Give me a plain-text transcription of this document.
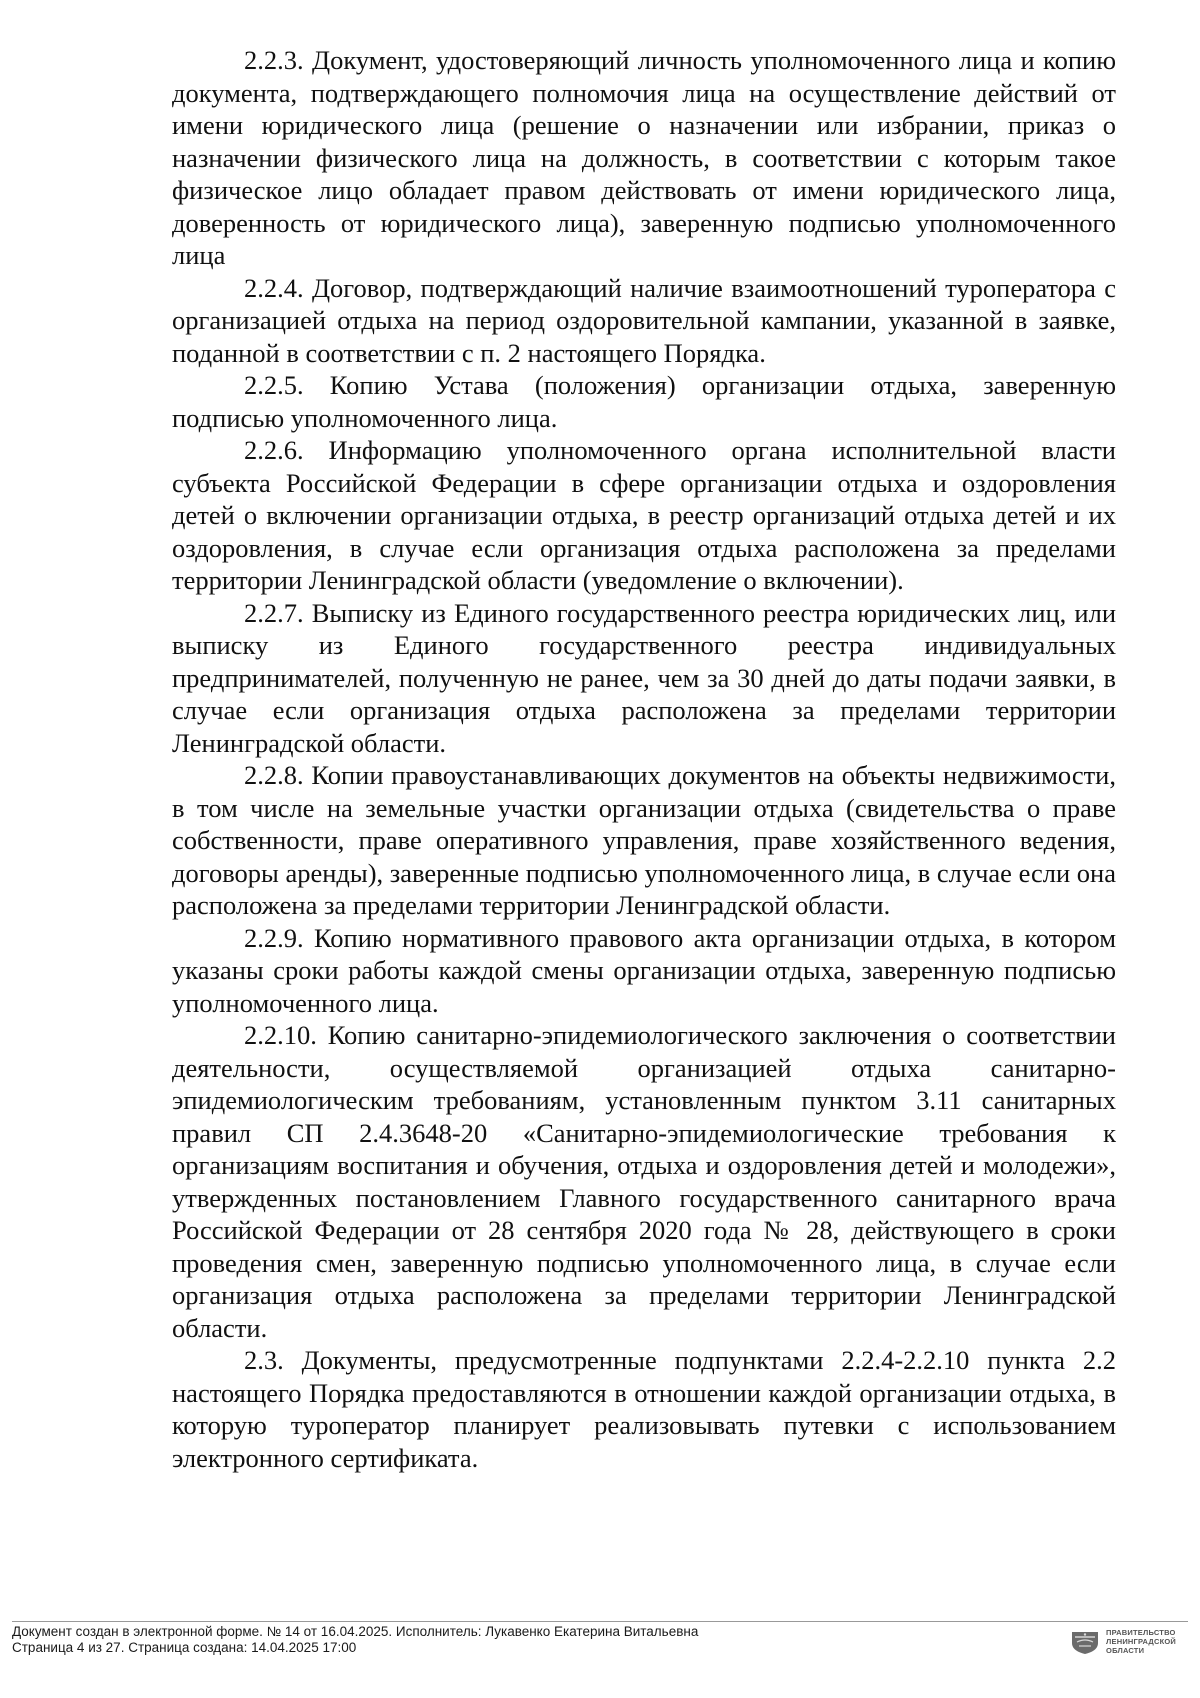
2.2.3. Документ, удостоверяющий личность уполномоченного лица и копию документа, подтверждающего полномочия лица на осуществление действий от имени юридического лица (решение о назначении или избрании, приказ о назначении физического лица на должность, в соответствии с которым такое физическое лицо обладает правом действовать от имени юридического лица, доверенность от юридического лица), заверенную подписью уполномоченного лица

2.2.4. Договор, подтверждающий наличие взаимоотношений туроператора с организацией отдыха на период оздоровительной кампании, указанной в заявке, поданной в соответствии с п. 2 настоящего Порядка.

2.2.5. Копию Устава (положения) организации отдыха, заверенную подписью уполномоченного лица.

2.2.6. Информацию уполномоченного органа исполнительной власти субъекта Российской Федерации в сфере организации отдыха и оздоровления детей о включении организации отдыха, в реестр организаций отдыха детей и их оздоровления, в случае если организация отдыха расположена за пределами территории Ленинградской области (уведомление о включении).

2.2.7. Выписку из Единого государственного реестра юридических лиц, или выписку из Единого государственного реестра индивидуальных предпринимателей, полученную не ранее, чем за 30 дней до даты подачи заявки, в случае если организация отдыха расположена за пределами территории Ленинградской области.

2.2.8. Копии правоустанавливающих документов на объекты недвижимости, в том числе на земельные участки организации отдыха (свидетельства о праве собственности, праве оперативного управления, праве хозяйственного ведения, договоры аренды), заверенные подписью уполномоченного лица, в случае если она расположена за пределами территории Ленинградской области.

2.2.9. Копию нормативного правового акта организации отдыха, в котором указаны сроки работы каждой смены организации отдыха, заверенную подписью уполномоченного лица.

2.2.10. Копию санитарно-эпидемиологического заключения о соответствии деятельности, осуществляемой организацией отдыха санитарно-эпидемиологическим требованиям, установленным пунктом 3.11 санитарных правил СП 2.4.3648-20 «Санитарно-эпидемиологические требования к организациям воспитания и обучения, отдыха и оздоровления детей и молодежи», утвержденных постановлением Главного государственного санитарного врача Российской Федерации от 28 сентября 2020 года № 28, действующего в сроки проведения смен, заверенную подписью уполномоченного лица, в случае если организация отдыха расположена за пределами территории Ленинградской области.

2.3. Документы, предусмотренные подпунктами 2.2.4-2.2.10 пункта 2.2 настоящего Порядка предоставляются в отношении каждой организации отдыха, в которую туроператор планирует реализовывать путевки с использованием электронного сертификата.

Документ создан в электронной форме. № 14 от 16.04.2025. Исполнитель: Лукавенко Екатерина Витальевна
Страница 4 из 27. Страница создана: 14.04.2025 17:00
ПРАВИТЕЛЬСТВО
ЛЕНИНГРАДСКОЙ
ОБЛАСТИ
